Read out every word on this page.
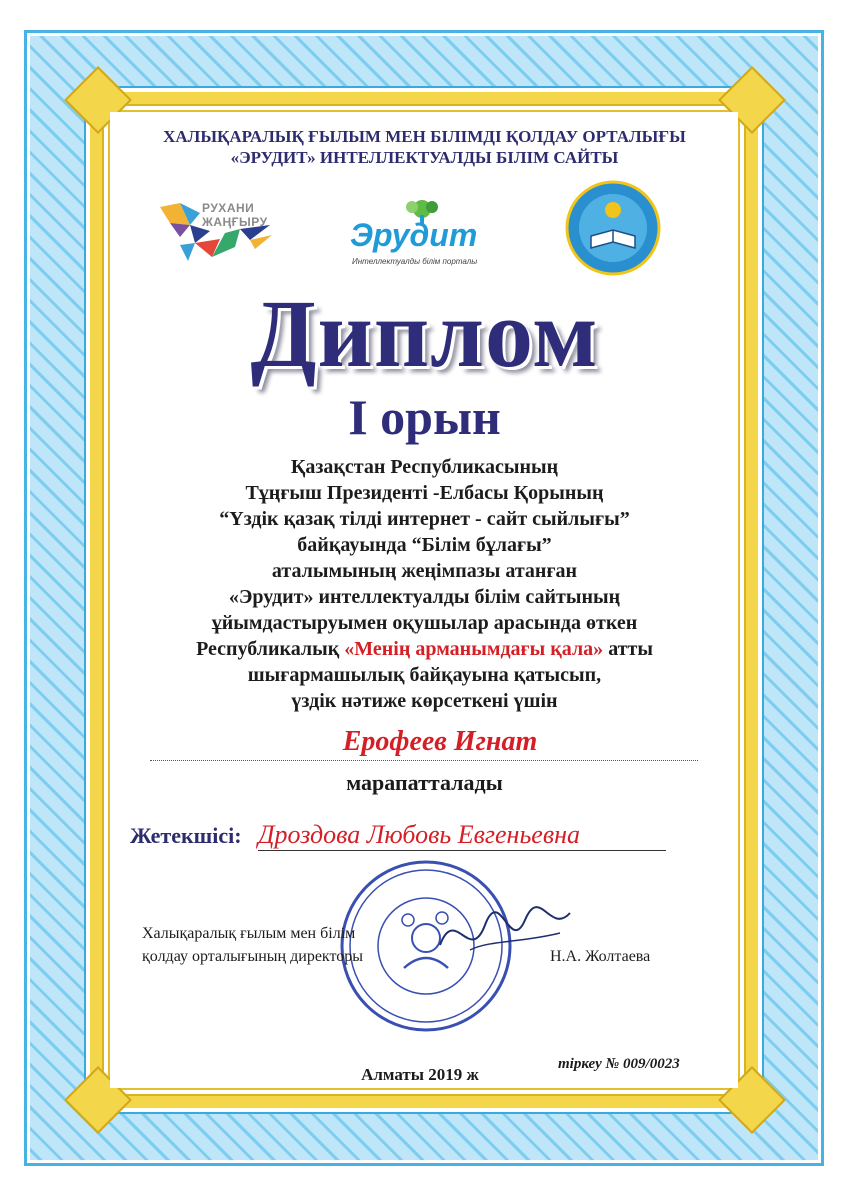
ХАЛЫҚАРАЛЫҚ ҒЫЛЫМ МЕН БІЛІМДІ ҚОЛДАУ ОРТАЛЫҒЫ
«ЭРУДИТ» ИНТЕЛЛЕКТУАЛДЫ БІЛІМ САЙТЫ
РУХАНИ
ЖАҢҒЫРУ	Эрудит
Интеллектуалды білім порталы
Диплом
I орын
Қазақстан Республикасының
Тұңғыш Президенті -Елбасы Қорының
“Үздік қазақ тілді интернет - сайт сыйлығы”
байқауында “Білім бұлағы”
аталымының жеңімпазы атанған
«Эрудит» интеллектуалды білім сайтының
ұйымдастыруымен оқушылар арасында өткен
Республикалық «Менің арманымдағы қала» атты
шығармашылық байқауына қатысып,
үздік нәтиже көрсеткені үшін
Ерофеев Игнат
марапатталады
Жетекшісі: Дроздова Любовь Евгеньевна
Халықаралық ғылым мен білім
қолдау орталығының директоры	Н.А. Жолтаева
Алматы 2019 ж
тіркеу № 009/0023
